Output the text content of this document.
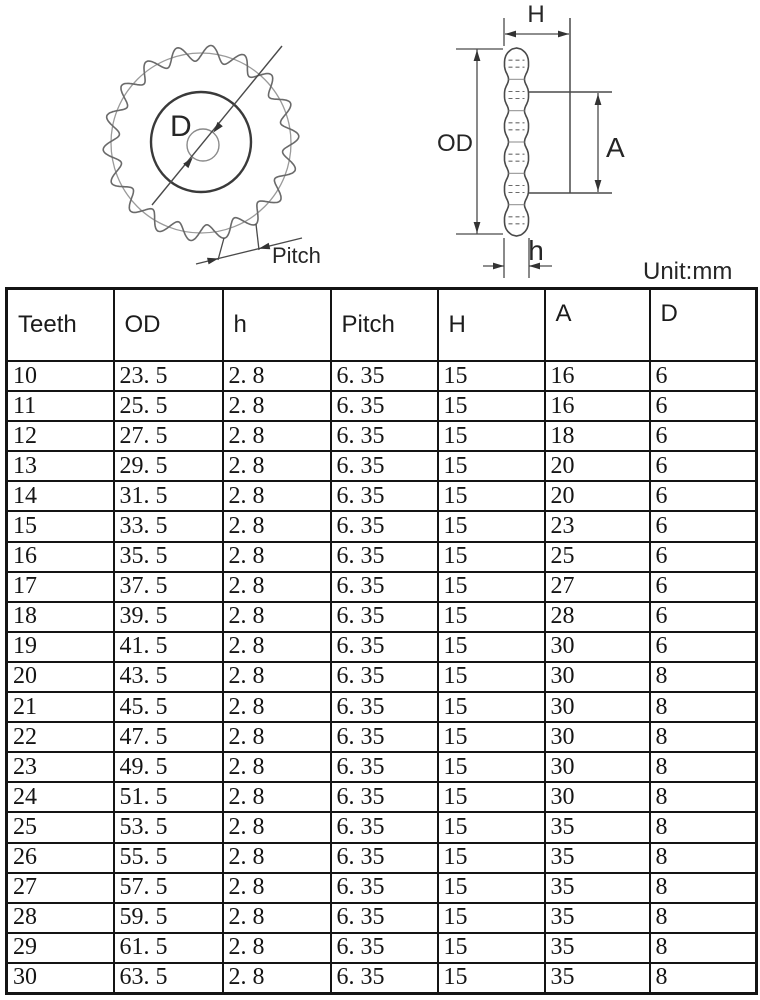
D
Pitch
H
OD	A
h
Unit:mm
Teeth	OD	h	Pitch	H	A	D
10	23. 5	2. 8	6. 35	15	16	6
11	25. 5	2. 8	6. 35	15	16	6
12	27. 5	2. 8	6. 35	15	18	6
13	29. 5	2. 8	6. 35	15	20	6
14	31. 5	2. 8	6. 35	15	20	6
15	33. 5	2. 8	6. 35	15	23	6
16	35. 5	2. 8	6. 35	15	25	6
17	37. 5	2. 8	6. 35	15	27	6
18	39. 5	2. 8	6. 35	15	28	6
19	41. 5	2. 8	6. 35	15	30	6
20	43. 5	2. 8	6. 35	15	30	8
21	45. 5	2. 8	6. 35	15	30	8
22	47. 5	2. 8	6. 35	15	30	8
23	49. 5	2. 8	6. 35	15	30	8
24	51. 5	2. 8	6. 35	15	30	8
25	53. 5	2. 8	6. 35	15	35	8
26	55. 5	2. 8	6. 35	15	35	8
27	57. 5	2. 8	6. 35	15	35	8
28	59. 5	2. 8	6. 35	15	35	8
29	61. 5	2. 8	6. 35	15	35	8
30	63. 5	2. 8	6. 35	15	35	8
